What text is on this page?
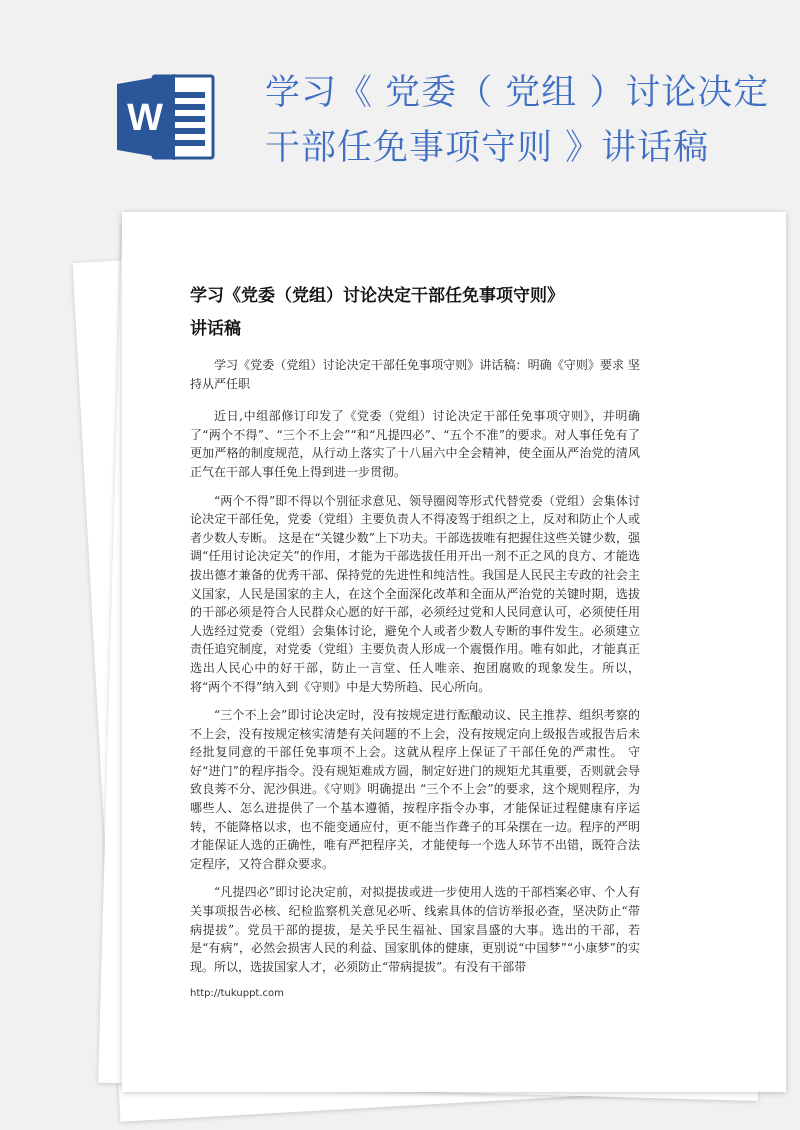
W
学习《 党委（ 党组 ）讨论决定
干部任免事项守则 》讲话稿
学习《党委（党组）讨论决定干部任免事项守则》
讲话稿

学习《党委（党组）讨论决定干部任免事项守则》讲话稿：明确《守则》要求 坚持从严任职

近日,中组部修订印发了《党委（党组）讨论决定干部任免事项守则》，并明确了“两个不得”、“三个不上会”“和“凡提四必”、“五个不准”的要求。对人事任免有了更加严格的制度规范，从行动上落实了十八届六中全会精神，使全面从严治党的清风正气在干部人事任免上得到进一步贯彻。

“两个不得”即不得以个别征求意见、领导圈阅等形式代替党委（党组）会集体讨论决定干部任免，党委（党组）主要负责人不得凌驾于组织之上，反对和防止个人或者少数人专断。 这是在“关键少数”上下功夫。干部选拔唯有把握住这些关键少数，强调“任用讨论决定关”的作用，才能为干部选拔任用开出一剂不正之风的良方、才能选拔出德才兼备的优秀干部、保持党的先进性和纯洁性。我国是人民民主专政的社会主义国家，人民是国家的主人，在这个全面深化改革和全面从严治党的关键时期，选拔的干部必须是符合人民群众心愿的好干部，必须经过党和人民同意认可，必须使任用人选经过党委（党组）会集体讨论，避免个人或者少数人专断的事件发生。必须建立责任追究制度，对党委（党组）主要负责人形成一个震慑作用。唯有如此，才能真正选出人民心中的好干部，防止一言堂、任人唯亲、抱团腐败的现象发生。所以，将“两个不得”纳入到《守则》中是大势所趋、民心所向。

“三个不上会”即讨论决定时，没有按规定进行酝酿动议、民主推荐、组织考察的不上会，没有按规定核实清楚有关问题的不上会，没有按规定向上级报告或报告后未经批复同意的干部任免事项不上会。这就从程序上保证了干部任免的严肃性。 守好“进门”的程序指令。没有规矩难成方圆，制定好进门的规矩尤其重要，否则就会导致良莠不分、泥沙俱进。《守则》明确提出 “三个不上会”的要求，这个规则程序，为哪些人、怎么进提供了一个基本遵循，按程序指令办事，才能保证过程健康有序运转，不能降格以求，也不能变通应付，更不能当作聋子的耳朵摆在一边。程序的严明才能保证人选的正确性，唯有严把程序关，才能使每一个选人环节不出错，既符合法定程序，又符合群众要求。

“凡提四必”即讨论决定前，对拟提拔或进一步使用人选的干部档案必审、个人有关事项报告必核、纪检监察机关意见必听、线索具体的信访举报必查，坚决防止“带病提拔”。党员干部的提拔，是关乎民生福祉、国家昌盛的大事。选出的干部，若是“有病”，必然会损害人民的利益、国家肌体的健康，更别说“中国梦”“小康梦”的实现。所以，选拔国家人才，必须防止“带病提拔”。有没有干部带

http://tukuppt.com
